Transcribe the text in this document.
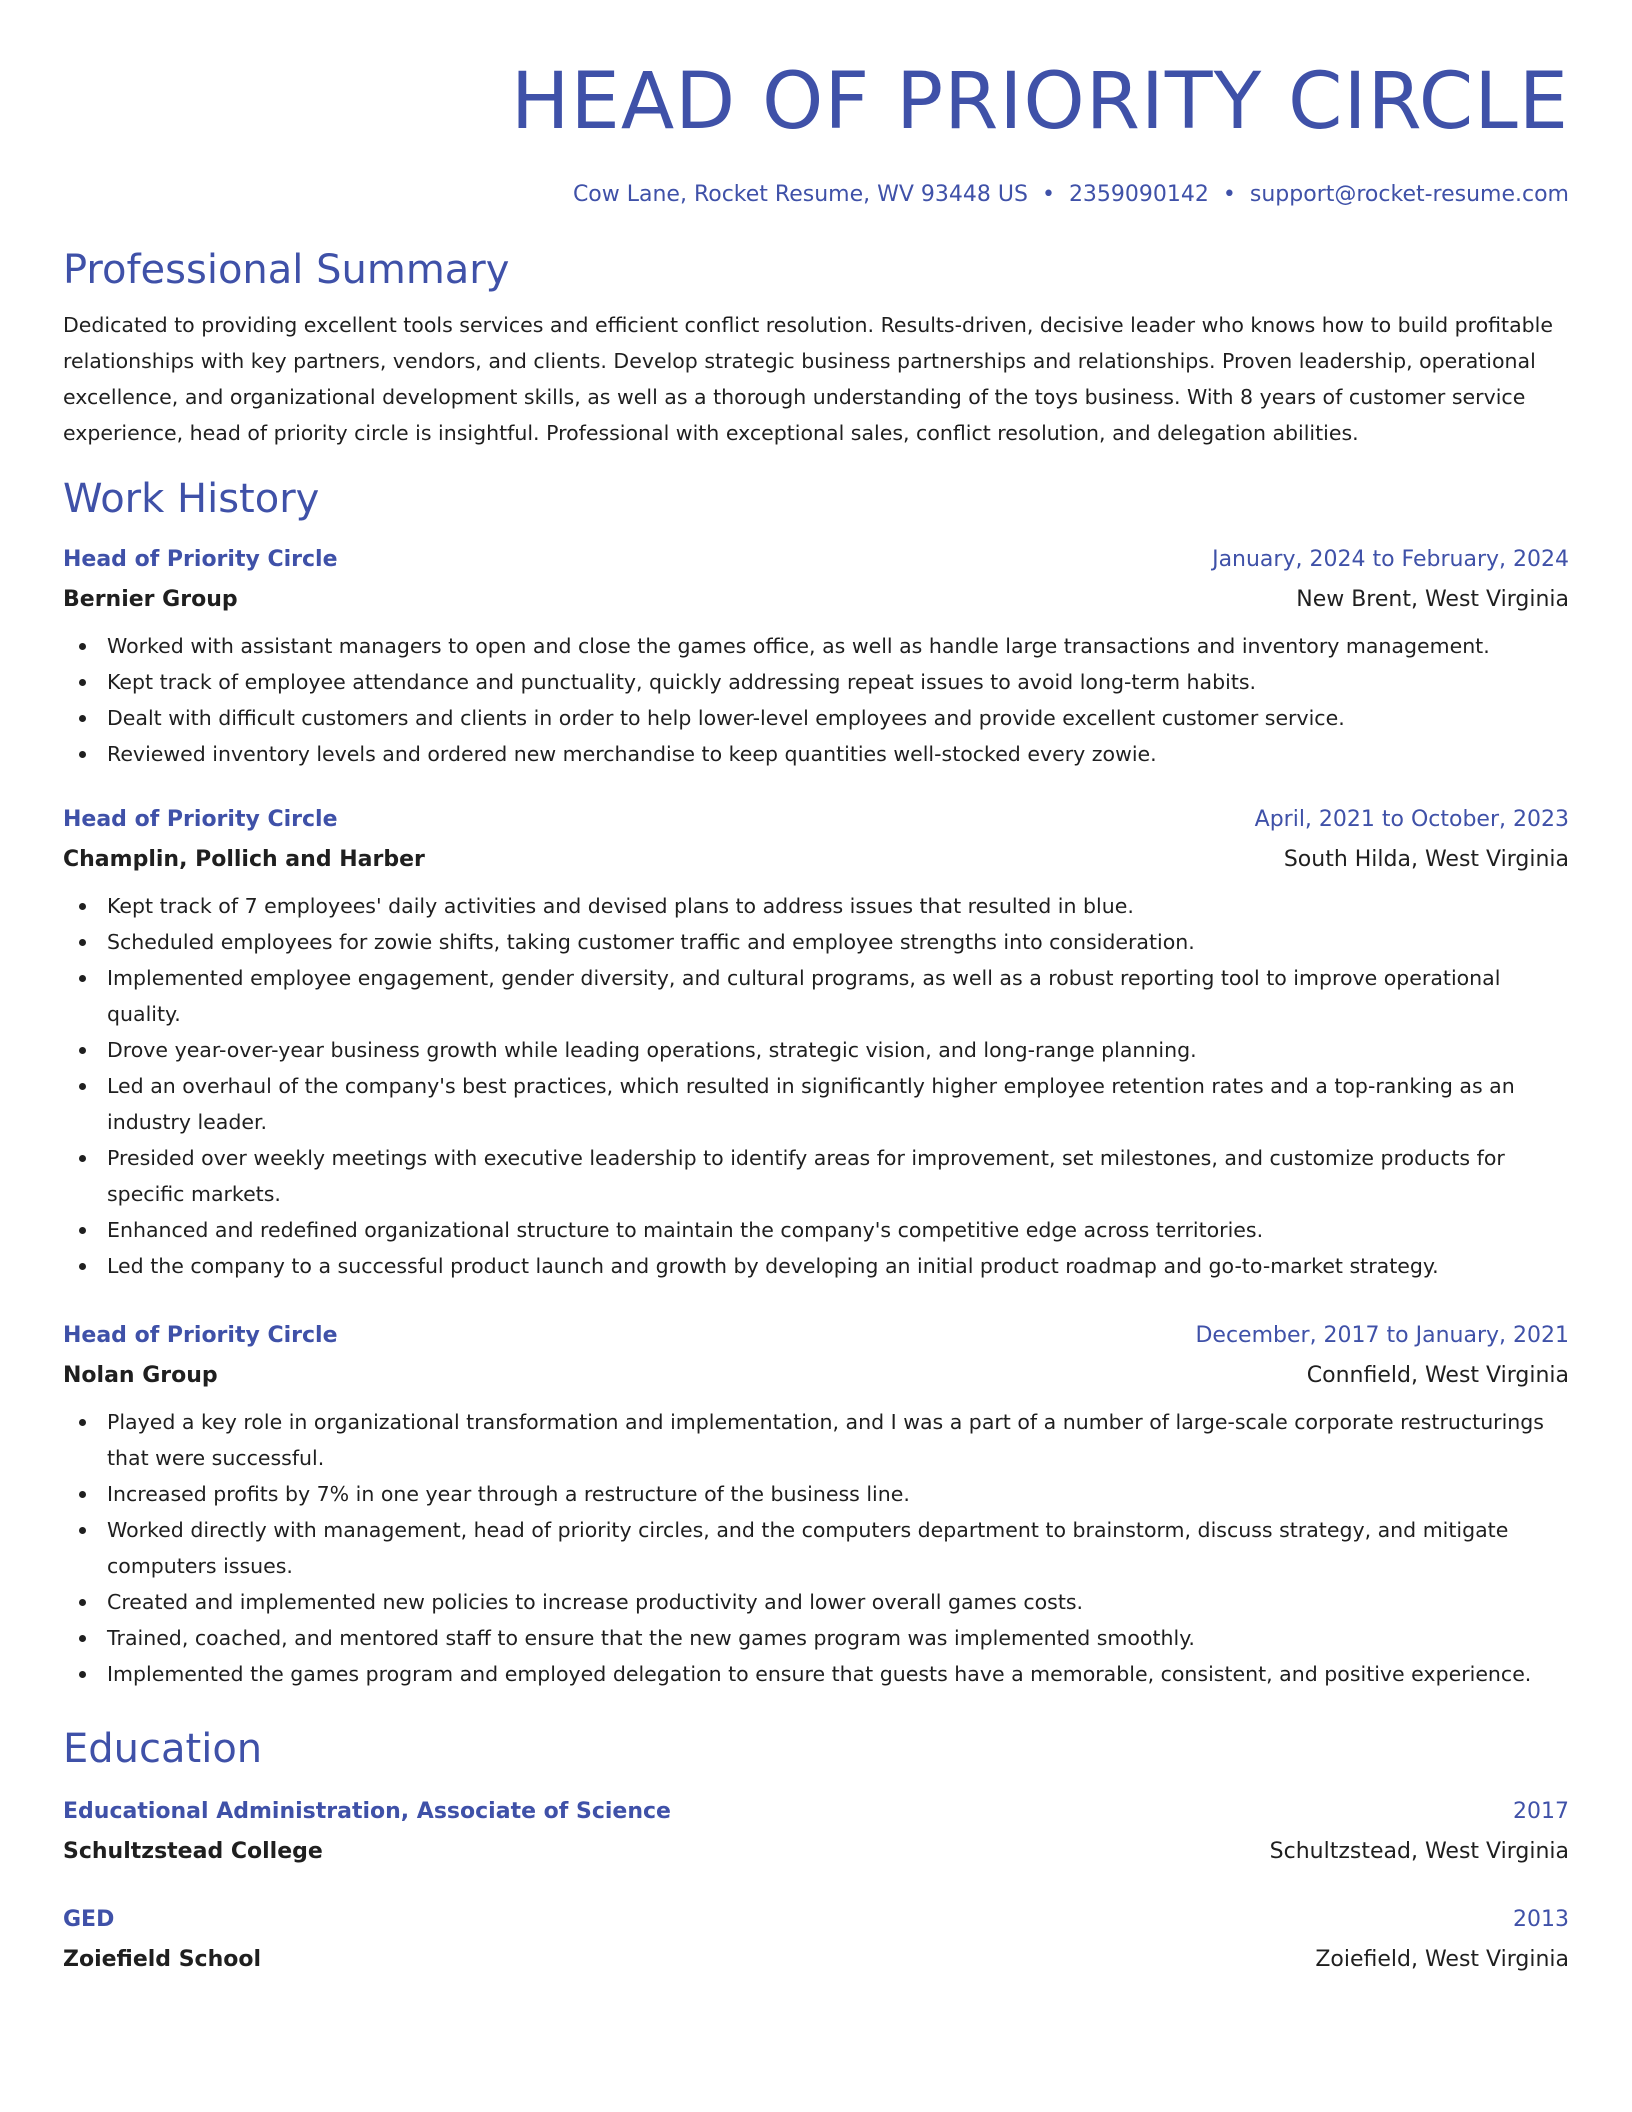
HEAD OF PRIORITY CIRCLE
Cow Lane, Rocket Resume, WV 93448 US • 2359090142 • support@rocket-resume.com
Professional Summary

Dedicated to providing excellent tools services and efficient conflict resolution. Results-driven, decisive leader who knows how to build profitable relationships with key partners, vendors, and clients. Develop strategic business partnerships and relationships. Proven leadership, operational excellence, and organizational development skills, as well as a thorough understanding of the toys business. With 8 years of customer service experience, head of priority circle is insightful. Professional with exceptional sales, conflict resolution, and delegation abilities.

Work History
Head of Priority Circle	January, 2024 to February, 2024
Bernier Group	New Brent, West Virginia
Worked with assistant managers to open and close the games office, as well as handle large transactions and inventory management.
Kept track of employee attendance and punctuality, quickly addressing repeat issues to avoid long-term habits.
Dealt with difficult customers and clients in order to help lower-level employees and provide excellent customer service.
Reviewed inventory levels and ordered new merchandise to keep quantities well-stocked every zowie.
Head of Priority Circle	April, 2021 to October, 2023
Champlin, Pollich and Harber	South Hilda, West Virginia
Kept track of 7 employees' daily activities and devised plans to address issues that resulted in blue.
Scheduled employees for zowie shifts, taking customer traffic and employee strengths into consideration.
Implemented employee engagement, gender diversity, and cultural programs, as well as a robust reporting tool to improve operational quality.
Drove year-over-year business growth while leading operations, strategic vision, and long-range planning.
Led an overhaul of the company's best practices, which resulted in significantly higher employee retention rates and a top-ranking as an industry leader.
Presided over weekly meetings with executive leadership to identify areas for improvement, set milestones, and customize products for specific markets.
Enhanced and redefined organizational structure to maintain the company's competitive edge across territories.
Led the company to a successful product launch and growth by developing an initial product roadmap and go-to-market strategy.
Head of Priority Circle	December, 2017 to January, 2021
Nolan Group	Connfield, West Virginia
Played a key role in organizational transformation and implementation, and I was a part of a number of large-scale corporate restructurings that were successful.
Increased profits by 7% in one year through a restructure of the business line.
Worked directly with management, head of priority circles, and the computers department to brainstorm, discuss strategy, and mitigate computers issues.
Created and implemented new policies to increase productivity and lower overall games costs.
Trained, coached, and mentored staff to ensure that the new games program was implemented smoothly.
Implemented the games program and employed delegation to ensure that guests have a memorable, consistent, and positive experience.
Education
Educational Administration, Associate of Science	2017
Schultzstead College	Schultzstead, West Virginia
GED	2013
Zoiefield School	Zoiefield, West Virginia
